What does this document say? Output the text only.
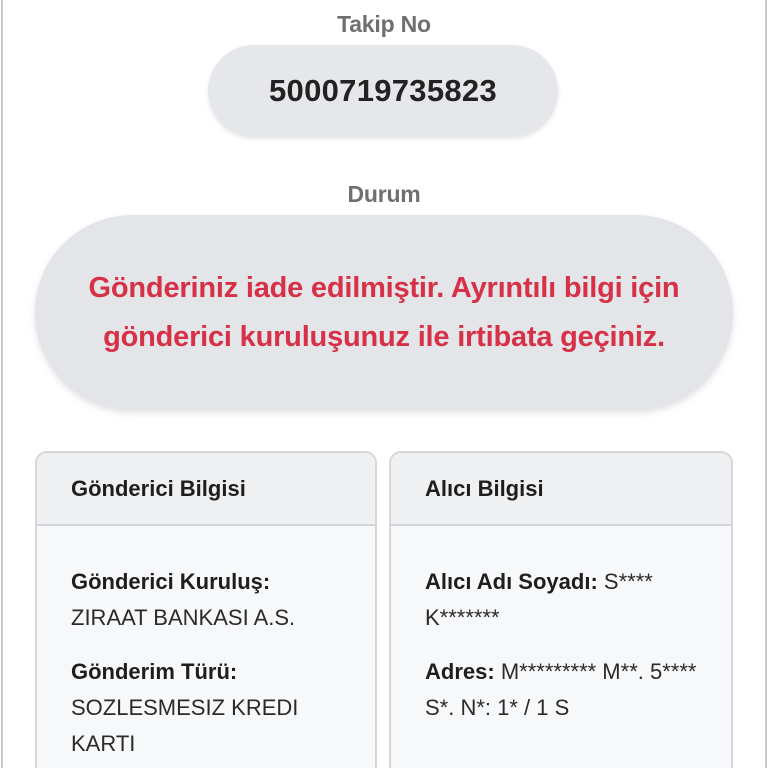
Takip No
5000719735823
Durum
Gönderiniz iade edilmiştir. Ayrıntılı bilgi için gönderici kuruluşunuz ile irtibata geçiniz.
Gönderici Bilgisi
Gönderici Kuruluş:
ZIRAAT BANKASI A.S.
Gönderim Türü:
SOZLESMESIZ KREDI KARTI
Alıcı Bilgisi
Alıcı Adı Soyadı: S**** K*******
Adres: M********* M**. 5**** S*. N*: 1* / 1 S
